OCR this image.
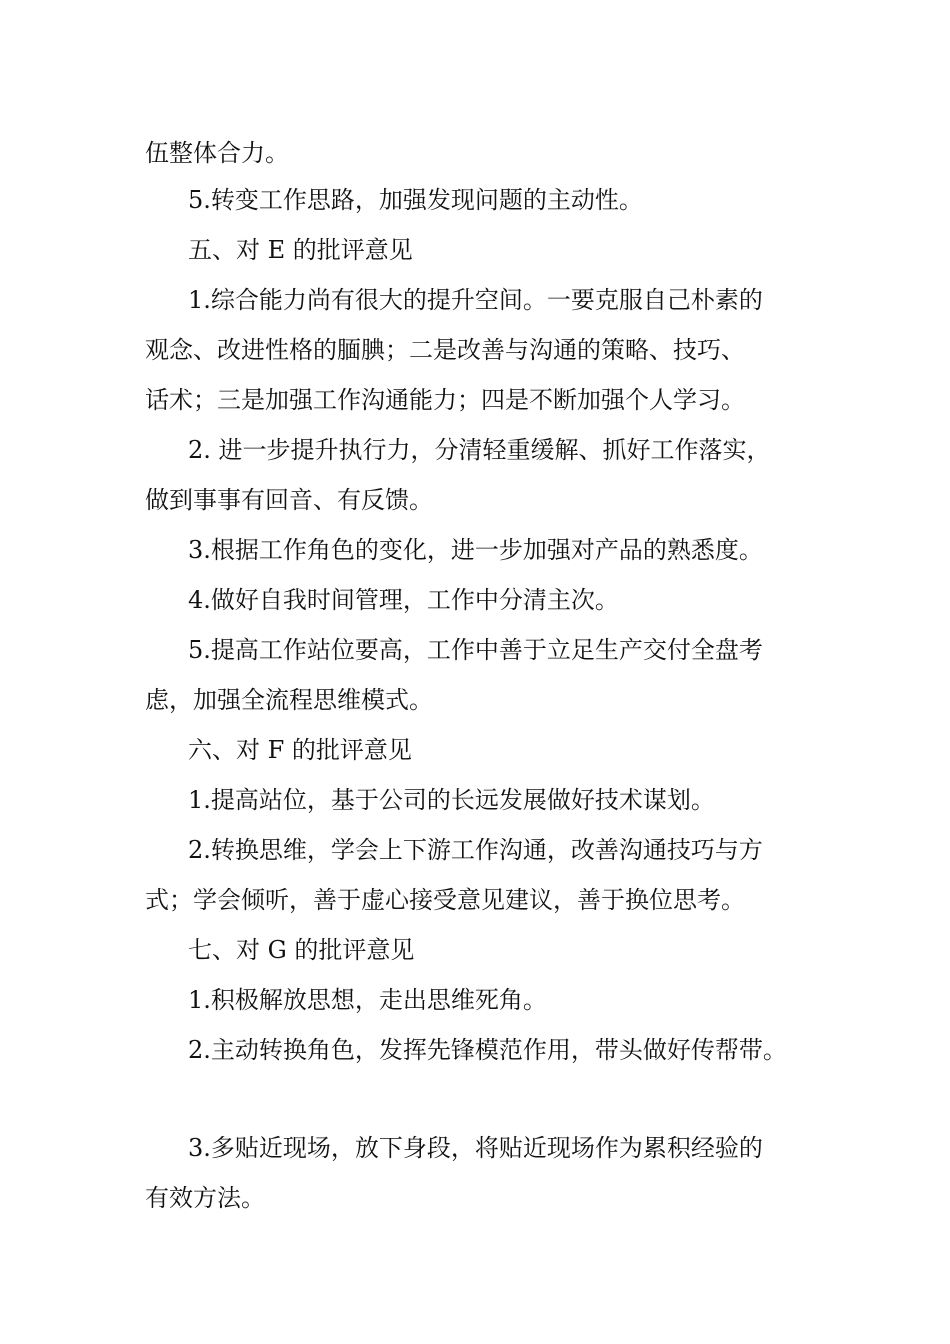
伍整体合力。

5.转变工作思路，加强发现问题的主动性。

五、对 E 的批评意见

1.综合能力尚有很大的提升空间。一要克服自己朴素的

观念、改进性格的腼腆；二是改善与沟通的策略、技巧、

话术；三是加强工作沟通能力；四是不断加强个人学习。

2. 进一步提升执行力，分清轻重缓解、抓好工作落实，

做到事事有回音、有反馈。

3.根据工作角色的变化，进一步加强对产品的熟悉度。

4.做好自我时间管理，工作中分清主次。

5.提高工作站位要高，工作中善于立足生产交付全盘考

虑，加强全流程思维模式。

六、对 F 的批评意见

1.提高站位，基于公司的长远发展做好技术谋划。

2.转换思维，学会上下游工作沟通，改善沟通技巧与方

式；学会倾听，善于虚心接受意见建议，善于换位思考。

七、对 G 的批评意见

1.积极解放思想，走出思维死角。

2.主动转换角色，发挥先锋模范作用，带头做好传帮带。

3.多贴近现场，放下身段，将贴近现场作为累积经验的

有效方法。
